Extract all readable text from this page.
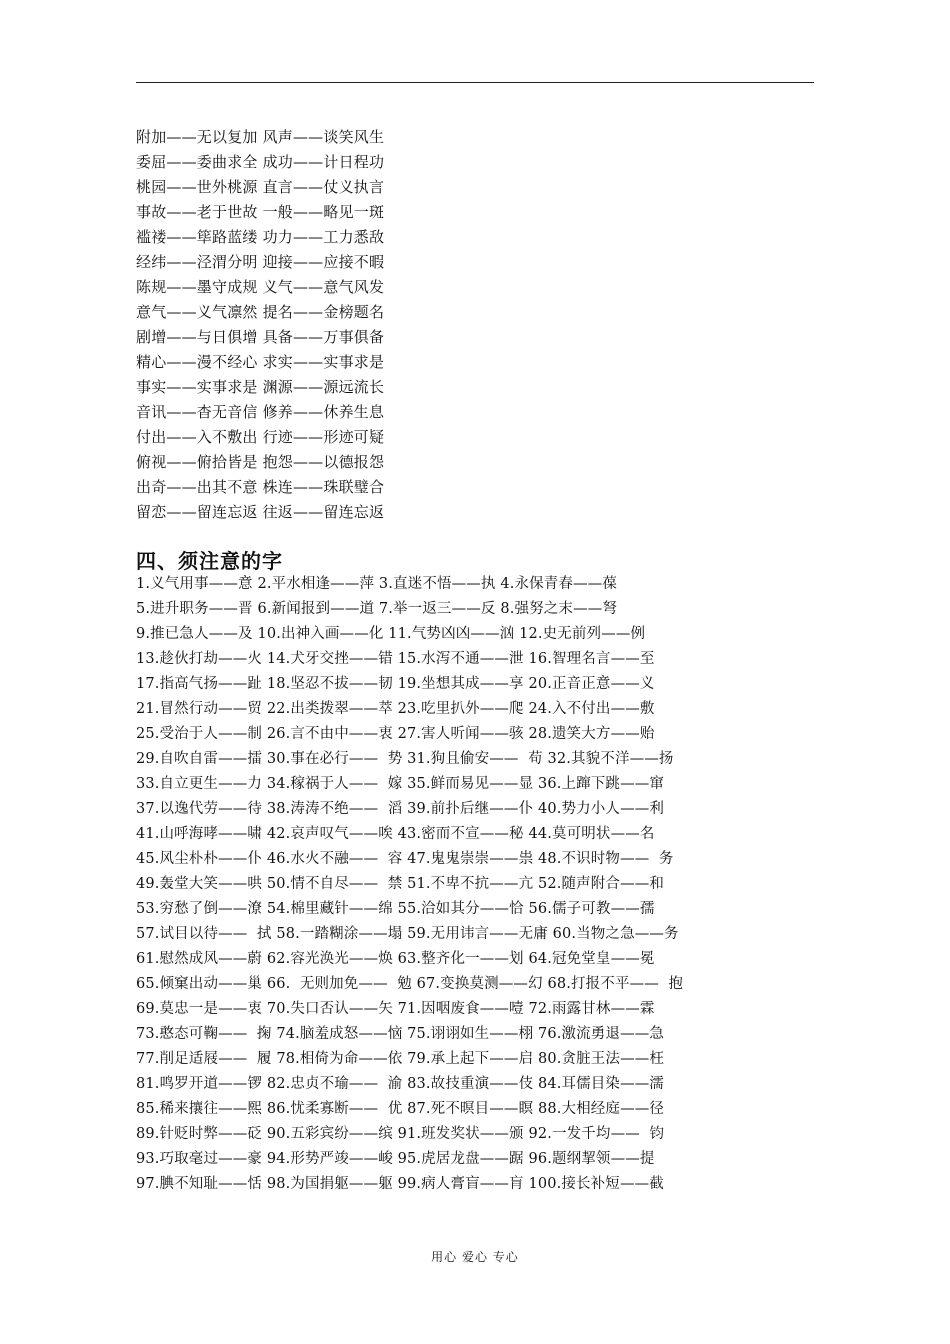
附加——无以复加 风声——谈笑风生
委屈——委曲求全 成功——计日程功
桃园——世外桃源 直言——仗义执言
事故——老于世故 一般——略见一斑
褴褛——筚路蓝缕 功力——工力悉敌
经纬——泾渭分明 迎接——应接不暇
陈规——墨守成规 义气——意气风发
意气——义气凛然 提名——金榜题名
剧增——与日俱增 具备——万事俱备
精心——漫不经心 求实——实事求是
事实——实事求是 渊源——源远流长
音讯——杳无音信 修养——休养生息
付出——入不敷出 行迹——形迹可疑
俯视——俯拾皆是 抱怨——以德报怨
出奇——出其不意 株连——珠联璧合
留恋——留连忘返 往返——留连忘返
四、须注意的字
1.义气用事——意 2.平水相逢——萍 3.直迷不悟——执 4.永保青春——葆
5.进升职务——晋 6.新闻报到——道 7.举一返三——反 8.强努之末——弩
9.推已急人——及 10.出神入画——化 11.气势凶凶——汹 12.史无前列——例
13.趁伙打劫——火 14.犬牙交挫——错 15.水泻不通——泄 16.智理名言——至
17.指高气扬——趾 18.坚忍不拔——韧 19.坐想其成——享 20.正音正意——义
21.冒然行动——贸 22.出类拨翠——萃 23.吃里扒外——爬 24.入不付出——敷
25.受治于人——制 26.言不由中——衷 27.害人听闻——骇 28.遗笑大方——贻
29.自吹自雷——擂 30.事在必行——  势 31.狗且偷安——  苟 32.其貌不洋——扬
33.自立更生——力 34.稼祸于人——  嫁 35.鲜而易见——显 36.上蹿下跳——窜
37.以逸代劳——待 38.涛涛不绝——  滔 39.前扑后继——仆 40.势力小人——利
41.山呼海哮——啸 42.哀声叹气——唉 43.密而不宣——秘 44.莫可明状——名
45.风尘朴朴——仆 46.水火不融——  容 47.鬼鬼崇崇——祟 48.不识时物——  务
49.轰堂大笑——哄 50.情不自尽——  禁 51.不卑不抗——亢 52.随声附合——和
53.穷愁了倒——潦 54.棉里藏针——绵 55.洽如其分——恰 56.儒子可教——孺
57.试目以待——  拭 58.一踏糊涂——塌 59.无用讳言——无庸 60.当物之急——务
61.慰然成风——蔚 62.容光涣光——焕 63.整齐化一——划 64.冠免堂皇——冕
65.倾窠出动——巢 66.  无则加免——  勉 67.变换莫测——幻 68.打报不平——  抱
69.莫忠一是——衷 70.失口否认——矢 71.因咽废食——噎 72.雨露甘林——霖
73.憨态可鞠——  掬 74.脑羞成怒——恼 75.诩诩如生——栩 76.激流勇退——急
77.削足适屐——  履 78.相倚为命——依 79.承上起下——启 80.贪脏王法——枉
81.鸣罗开道——锣 82.忠贞不瑜——  渝 83.故技重演——伎 84.耳儒目染——濡
85.稀来攘往——熙 86.忧柔寡断——  优 87.死不暝目——瞑 88.大相经庭——径
89.针贬时弊——砭 90.五彩宾纷——缤 91.班发奖状——颁 92.一发千均——  钧
93.巧取毫过——豪 94.形势严竣——峻 95.虎居龙盘——踞 96.题纲挈领——提
97.腆不知耻——恬 98.为国捐躯——躯 99.病人膏盲——肓 100.接长补短——截
用心 爱心 专心
